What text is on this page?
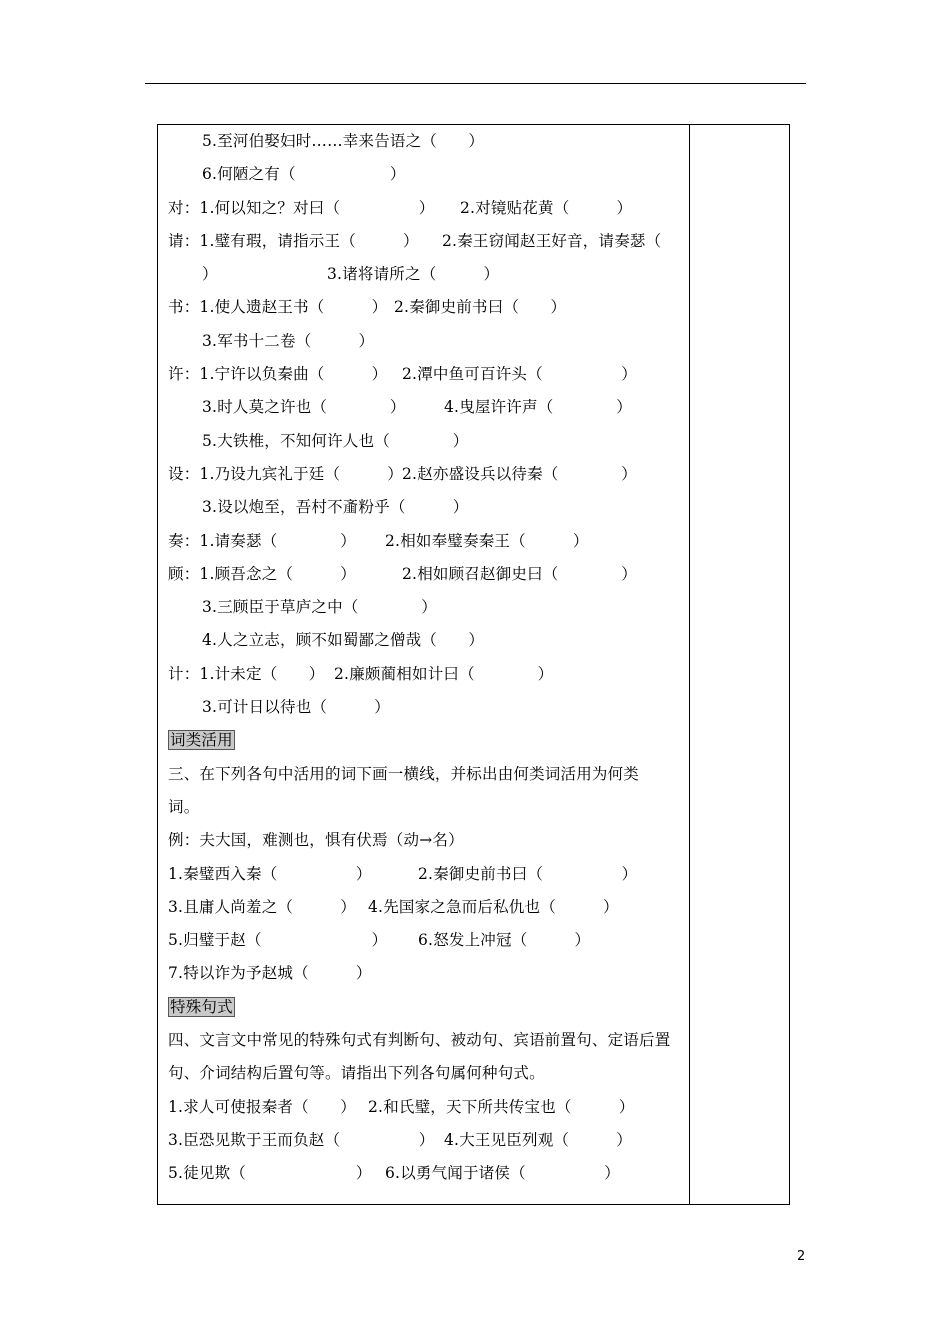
5.至河伯娶妇时……幸来告语之（　　）
6.何陋之有（　　　　　　）
对：1.何以知之？对曰（　　　　　） 2.对镜贴花黄（　　　）
请：1.璧有瑕，请指示王（　　　） 2.秦王窃闻赵王好音，请奏瑟（
）	3.诸将请所之（　　　）
书：1.使人遗赵王书（　　　） 2.秦御史前书曰（　　）
3.军书十二卷（　　　）
许：1.宁许以负秦曲（　　　） 2.潭中鱼可百许头（　　　　　）
3.时人莫之许也（　　　　） 4.曳屋许许声（　　　　）
5.大铁椎，不知何许人也（　　　　）
设：1.乃设九宾礼于廷（　　　）2.赵亦盛设兵以待秦（　　　　）
3.设以炮至，吾村不齑粉乎（　　　）
奏：1.请奏瑟（　　　　） 2.相如奉璧奏秦王（　　　）
顾：1.顾吾念之（　　　）	2.相如顾召赵御史曰（　　　　）
3.三顾臣于草庐之中（　　　　）
4.人之立志，顾不如蜀鄙之僧哉（　　）
计：1.计未定（　　） 2.廉颇蔺相如计曰（　　　　）
3.可计日以待也（　　　）
词类活用
三、在下列各句中活用的词下画一横线，并标出由何类词活用为何类
词。
例：夫大国，难测也，惧有伏焉（动→名）
1.秦璧西入秦（　　　　　）	2.秦御史前书曰（　　　　　）
3.且庸人尚羞之（　　　） 4.先国家之急而后私仇也（　　　）
5.归璧于赵（　　　　　　　） 6.怒发上冲冠（　　　）
7.特以诈为予赵城（　　　）
特殊句式
四、文言文中常见的特殊句式有判断句、被动句、宾语前置句、定语后置
句、介词结构后置句等。请指出下列各句属何种句式。
1.求人可使报秦者（　　） 2.和氏璧，天下所共传宝也（　　　）
3.臣恐见欺于王而负赵（　　　　　） 4.大王见臣列观（　　　）
5.徒见欺（　　　　　　　） 6.以勇气闻于诸侯（　　　　　）
2
